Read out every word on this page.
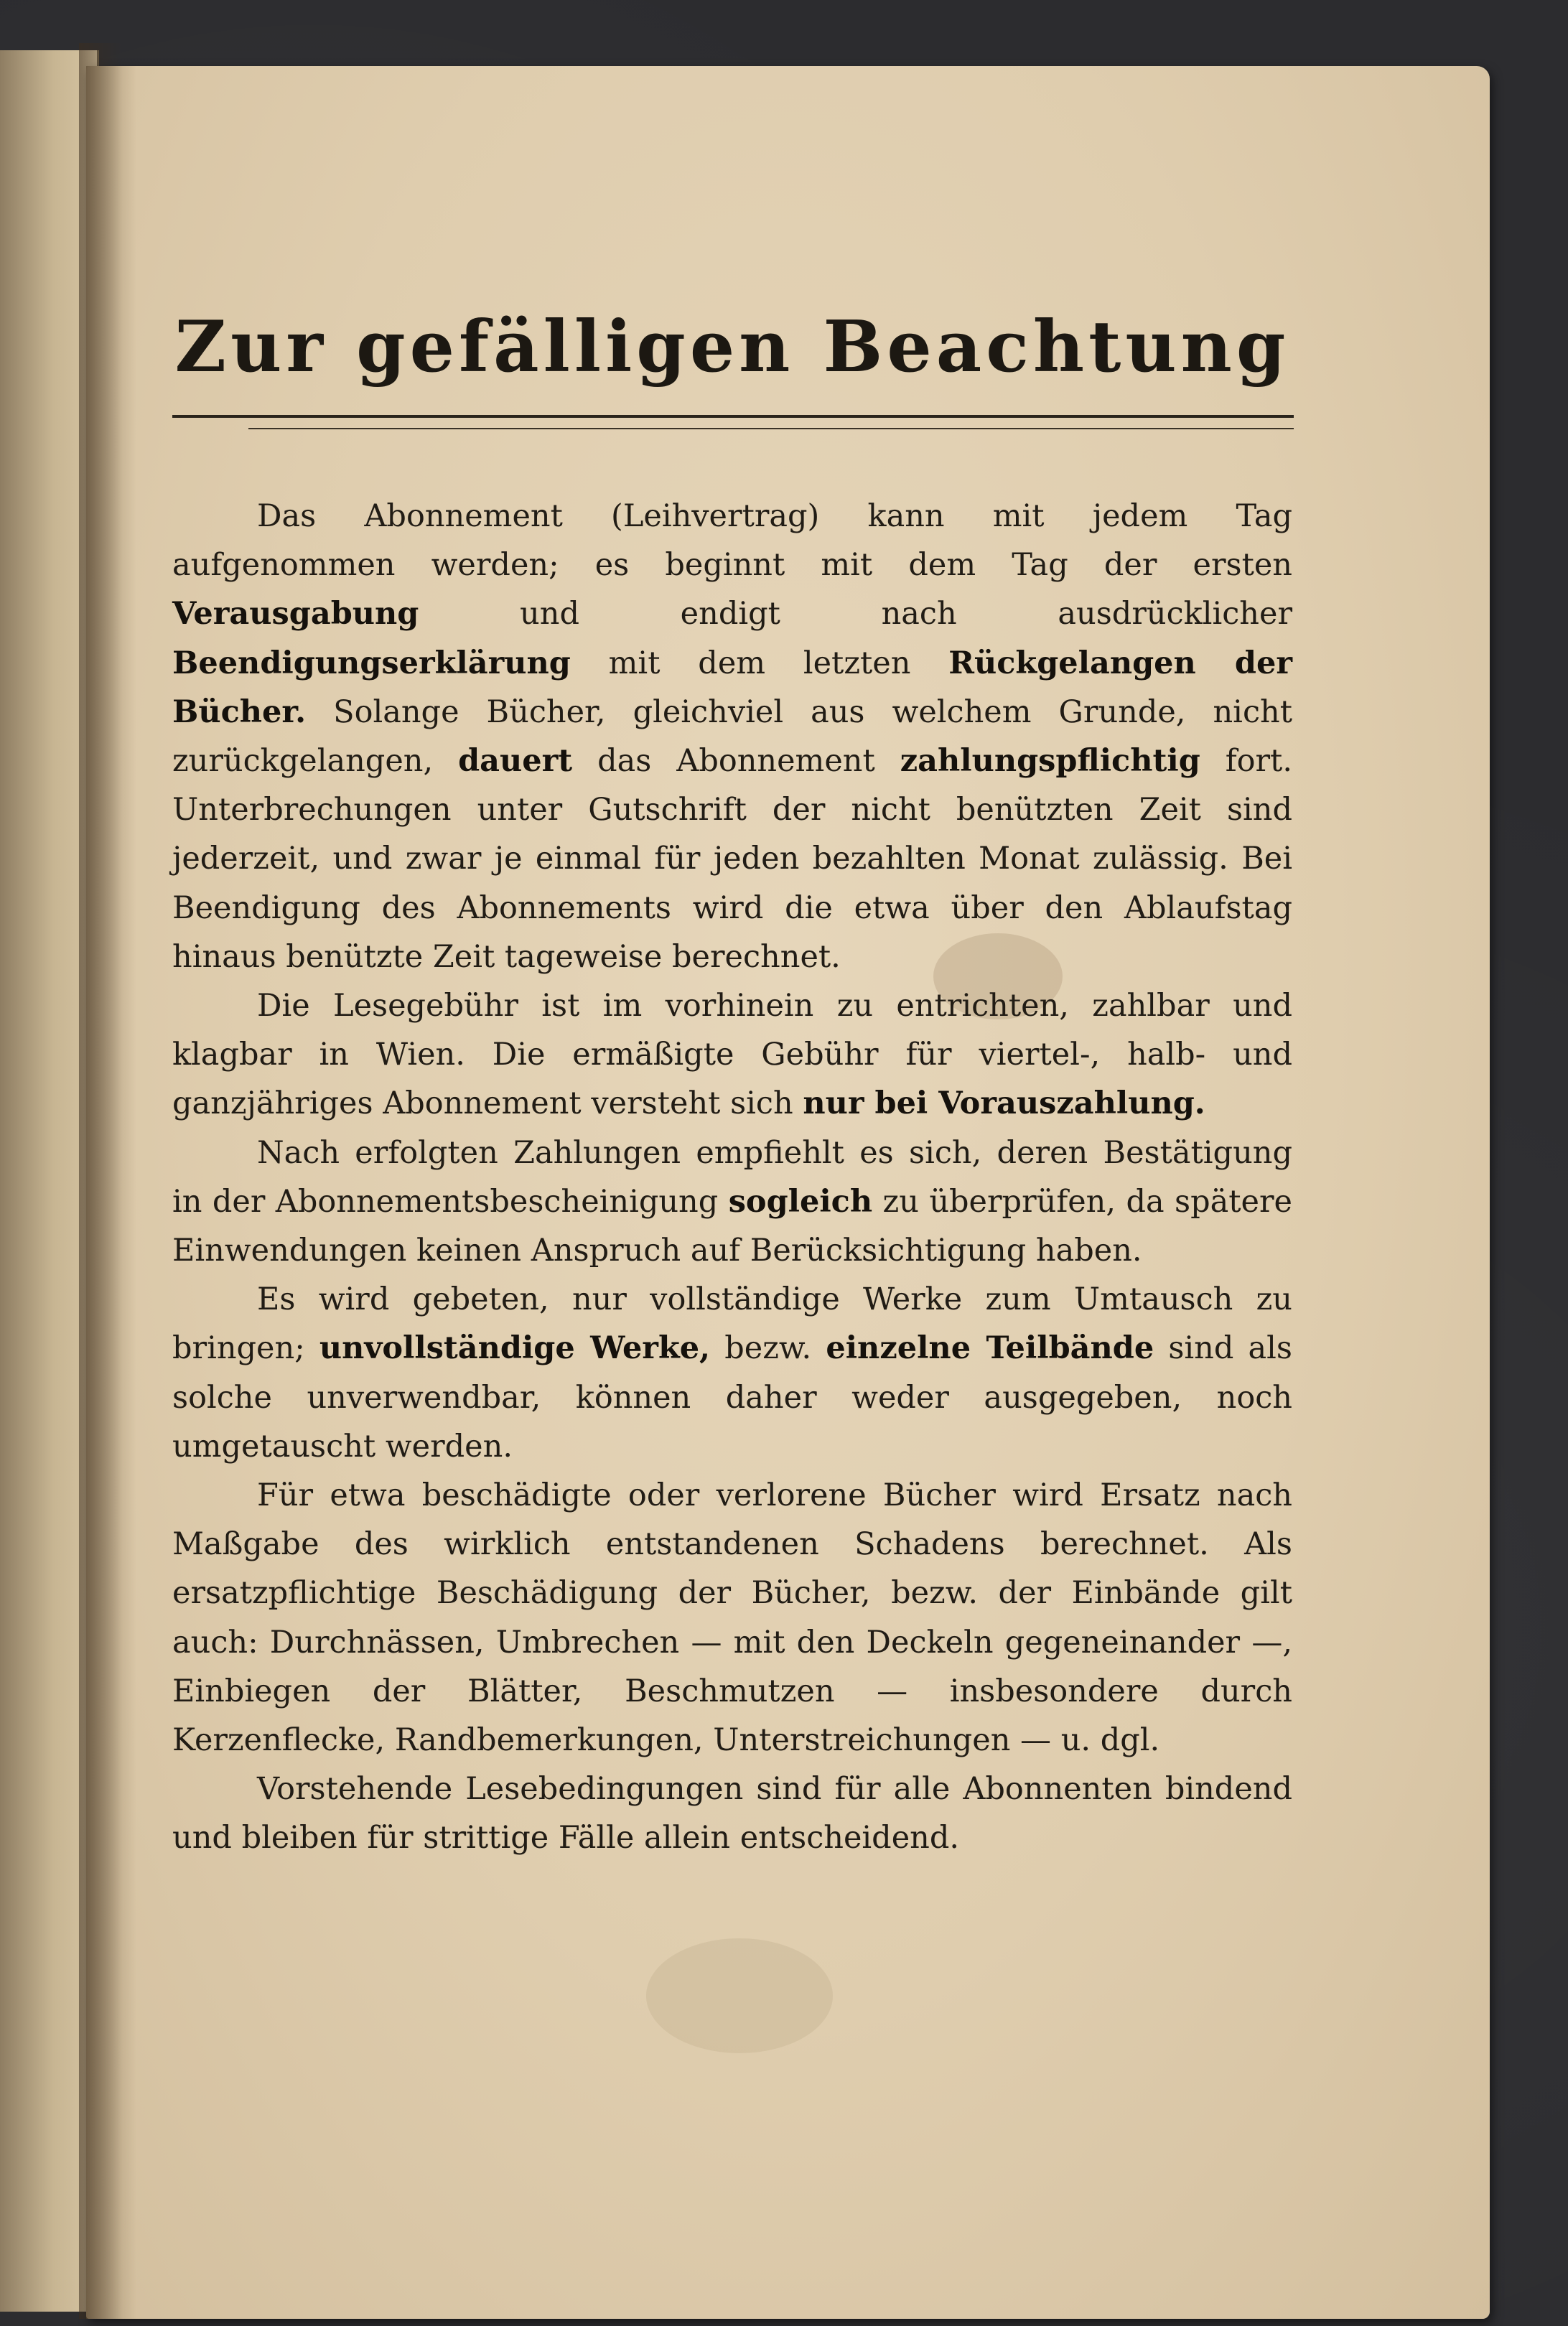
Zur gefälligen Beachtung

Das Abonnement (Leihvertrag) kann mit jedem Tag aufgenommen werden; es beginnt mit dem Tag der ersten Verausgabung und endigt nach ausdrücklicher Beendigungserklärung mit dem letzten Rückgelangen der Bücher. Solange Bücher, gleichviel aus welchem Grunde, nicht zurückgelangen, dauert das Abonnement zahlungspflichtig fort. Unterbrechungen unter Gutschrift der nicht benützten Zeit sind jederzeit, und zwar je einmal für jeden bezahlten Monat zulässig. Bei Beendigung des Abonnements wird die etwa über den Ablaufstag hinaus benützte Zeit tageweise berechnet.

Die Lesegebühr ist im vorhinein zu entrichten, zahlbar und klagbar in Wien. Die ermäßigte Gebühr für viertel-, halb- und ganzjähriges Abonnement versteht sich nur bei Vorauszahlung.

Nach erfolgten Zahlungen empfiehlt es sich, deren Bestätigung in der Abonnementsbescheinigung sogleich zu überprüfen, da spätere Einwendungen keinen Anspruch auf Berücksichtigung haben.

Es wird gebeten, nur vollständige Werke zum Umtausch zu bringen; unvollständige Werke, bezw. einzelne Teilbände sind als solche unverwendbar, können daher weder ausgegeben, noch umgetauscht werden.

Für etwa beschädigte oder verlorene Bücher wird Ersatz nach Maßgabe des wirklich entstandenen Schadens berechnet. Als ersatzpflichtige Beschädigung der Bücher, bezw. der Einbände gilt auch: Durchnässen, Umbrechen — mit den Deckeln gegeneinander —, Einbiegen der Blätter, Beschmutzen — insbesondere durch Kerzenflecke, Randbemerkungen, Unterstreichungen — u. dgl.

Vorstehende Lesebedingungen sind für alle Abonnenten bindend und bleiben für strittige Fälle allein entscheidend.
